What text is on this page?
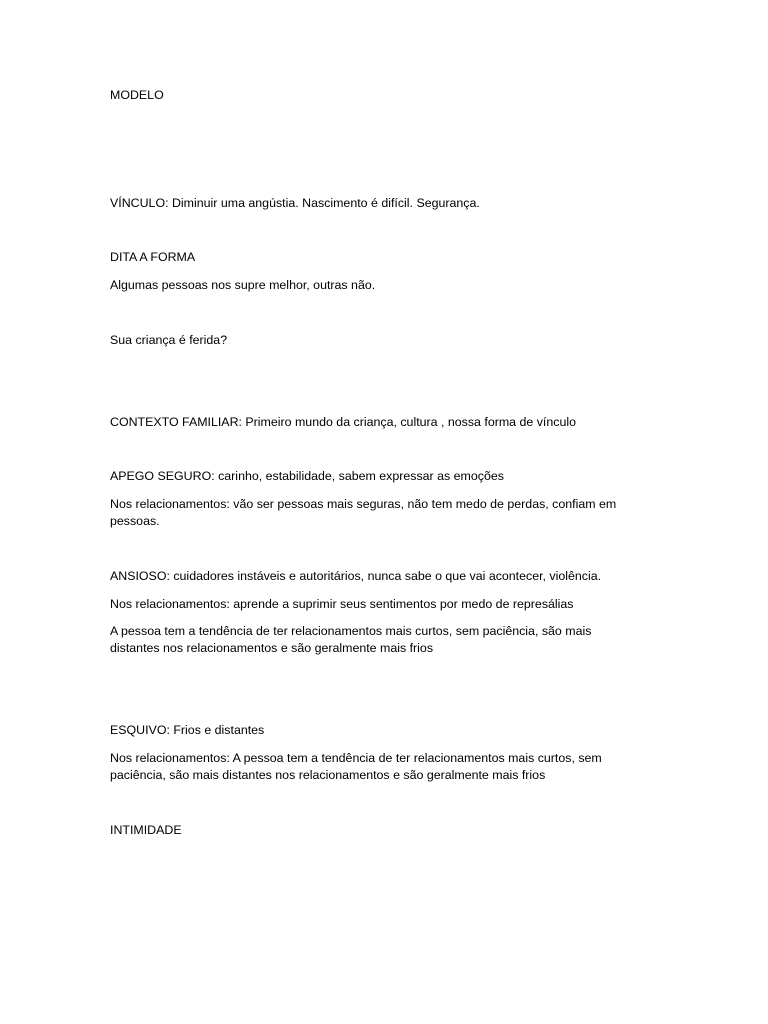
MODELO

VÍNCULO: Diminuir uma angústia. Nascimento é difícil. Segurança.

DITA A FORMA

Algumas pessoas nos supre melhor, outras não.

Sua criança é ferida?

CONTEXTO FAMILIAR: Primeiro mundo da criança, cultura , nossa forma de vínculo

APEGO SEGURO: carinho, estabilidade, sabem expressar as emoções

Nos relacionamentos: vão ser pessoas mais seguras, não tem medo de perdas, confiam em pessoas.

ANSIOSO: cuidadores instáveis e autoritários, nunca sabe o que vai acontecer, violência.

Nos relacionamentos: aprende a suprimir seus sentimentos por medo de represálias

A pessoa tem a tendência de ter relacionamentos mais curtos, sem paciência, são mais distantes nos relacionamentos e são geralmente mais frios

ESQUIVO: Frios e distantes

Nos relacionamentos: A pessoa tem a tendência de ter relacionamentos mais curtos, sem paciência, são mais distantes nos relacionamentos e são geralmente mais frios

INTIMIDADE
